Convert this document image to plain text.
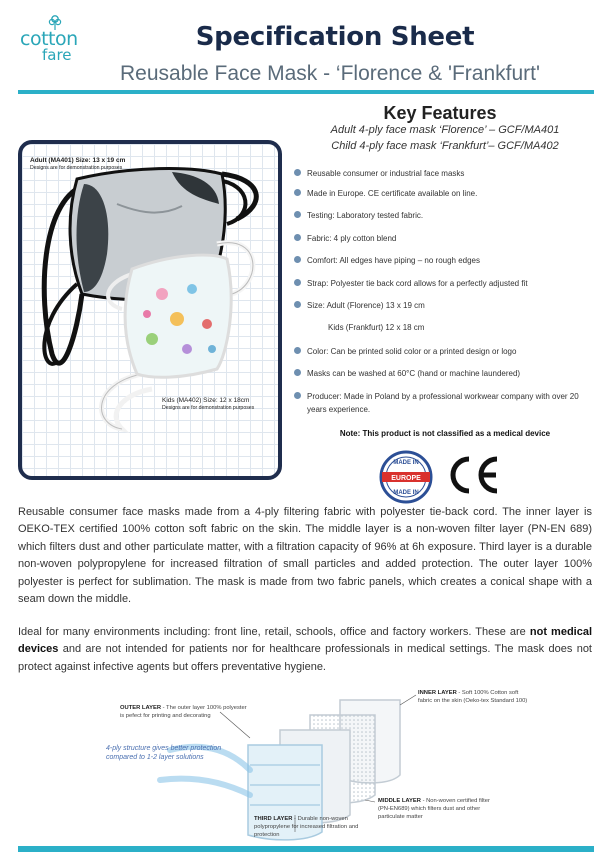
cotton
fare
Specification Sheet
Reusable Face Mask - ‘Florence & 'Frankfurt'
Adult (MA401) Size: 13 x 19 cm
Designs are for demonstration purposes
Kids (MA402) Size: 12 x 18cm
Designs are for demonstration purposes
Key Features
Adult 4-ply face mask ‘Florence’ – GCF/MA401
Child 4-ply face mask ‘Frankfurt’– GCF/MA402
Reusable consumer or industrial face masks
Made in Europe. CE certificate available on line.
Testing: Laboratory tested fabric.
Fabric: 4 ply cotton blend
Comfort: All edges have piping – no rough edges
Strap: Polyester tie back cord allows for a perfectly adjusted fit
Size: Adult (Florence) 13 x 19 cm
Kids (Frankfurt) 12 x 18 cm
Color: Can be printed solid color or a printed design or logo
Masks can be washed at 60°C (hand or machine laundered)
Producer: Made in Poland by a professional workwear company with over 20 years experience.
Note: This product is not classified as a medical device
MADE IN
EUROPE
MADE IN

Reusable consumer face masks made from a 4-ply filtering fabric with polyester tie-back cord. The inner layer is OEKO-TEX certified 100% cotton soft fabric on the skin. The middle layer is a non-woven filter layer (PN-EN 689) which filters dust and other particulate matter, with a filtration capacity of 96% at 6h exposure. Third layer is a durable non-woven polypropylene for increased filtration of small particles and added protection. The outer layer 100% polyester is perfect for sublimation. The mask is made from two fabric panels, which creates a conical shape with a seam down the middle.

Ideal for many environments including: front line, retail, schools, office and factory workers. These are not medical devices and are not intended for patients nor for healthcare professionals in medical settings. The mask does not protect against infective agents but offers preventative hygiene.

OUTER LAYER - The outer layer 100% polyester is pefect for printing and decorating
INNER LAYER - Soft 100% Cotton soft fabric on the skin (Oeko-tex Standard 100)
4-ply structure gives better protection compared to 1-2 layer solutions
MIDDLE LAYER - Non-woven certified filter (PN-EN689) which filters dust and other particulate matter
THIRD LAYER - Durable non-woven polypropylene for increased filtration and protection
